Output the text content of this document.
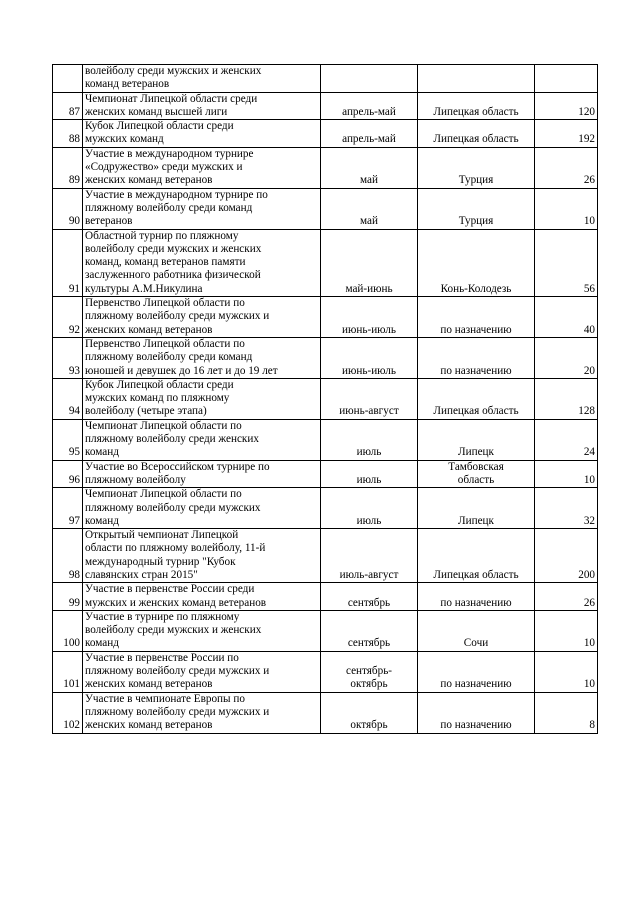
	волейболу среди мужских и женских
команд ветеранов			
87	Чемпионат Липецкой области среди
женских команд высшей лиги	апрель-май	Липецкая область	120
88	Кубок Липецкой области среди
мужских команд	апрель-май	Липецкая область	192
89	Участие в международном турнире
«Содружество» среди мужских и
женских команд ветеранов	май	Турция	26
90	Участие в международном турнире по
пляжному волейболу среди команд
ветеранов	май	Турция	10
91	Областной турнир по пляжному
волейболу среди мужских и женских
команд, команд ветеранов памяти
заслуженного работника физической
культуры А.М.Никулина	май-июнь	Конь-Колодезь	56
92	Первенство Липецкой области по
пляжному волейболу среди мужских и
женских команд ветеранов	июнь-июль	по назначению	40
93	Первенство Липецкой области по
пляжному волейболу среди команд
юношей и девушек до 16 лет и до 19 лет	июнь-июль	по назначению	20
94	Кубок Липецкой области среди
мужских команд по пляжному
волейболу (четыре этапа)	июнь-август	Липецкая область	128
95	Чемпионат Липецкой области по
пляжному волейболу среди женских
команд	июль	Липецк	24
96	Участие во Всероссийском турнире по
пляжному волейболу	июль	Тамбовская
область	10
97	Чемпионат Липецкой области по
пляжному волейболу среди мужских
команд	июль	Липецк	32
98	Открытый чемпионат Липецкой
области по пляжному волейболу, 11-й
международный турнир "Кубок
славянских стран 2015"	июль-август	Липецкая область	200
99	Участие в первенстве России среди
мужских и женских команд ветеранов	сентябрь	по назначению	26
100	Участие в турнире по пляжному
волейболу среди мужских и женских
команд	сентябрь	Сочи	10
101	Участие в первенстве России по
пляжному волейболу среди мужских и
женских команд ветеранов	сентябрь-
октябрь	по назначению	10
102	Участие в чемпионате Европы по
пляжному волейболу среди мужских и
женских команд ветеранов	октябрь	по назначению	8
